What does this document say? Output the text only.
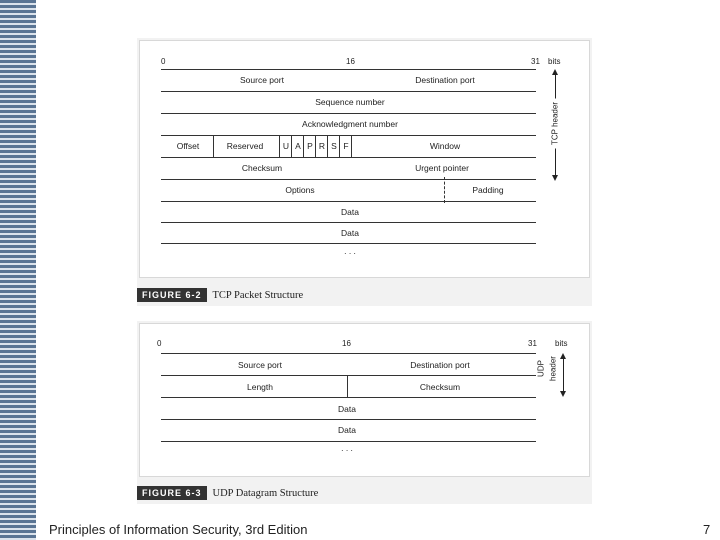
0	16	31 bits
Source port	Destination port
Sequence number
Acknowledgment number
Offset	Reserved	U A P R S F	Window
Checksum	Urgent pointer
Options	Padding
Data
Data
. . .
TCP header
FIGURE 6-2	TCP Packet Structure
0	16	31 bits
Source port	Destination port
Length	Checksum
Data
Data
. . .
UDP header
FIGURE 6-3	UDP Datagram Structure
Principles of Information Security, 3rd Edition	7
